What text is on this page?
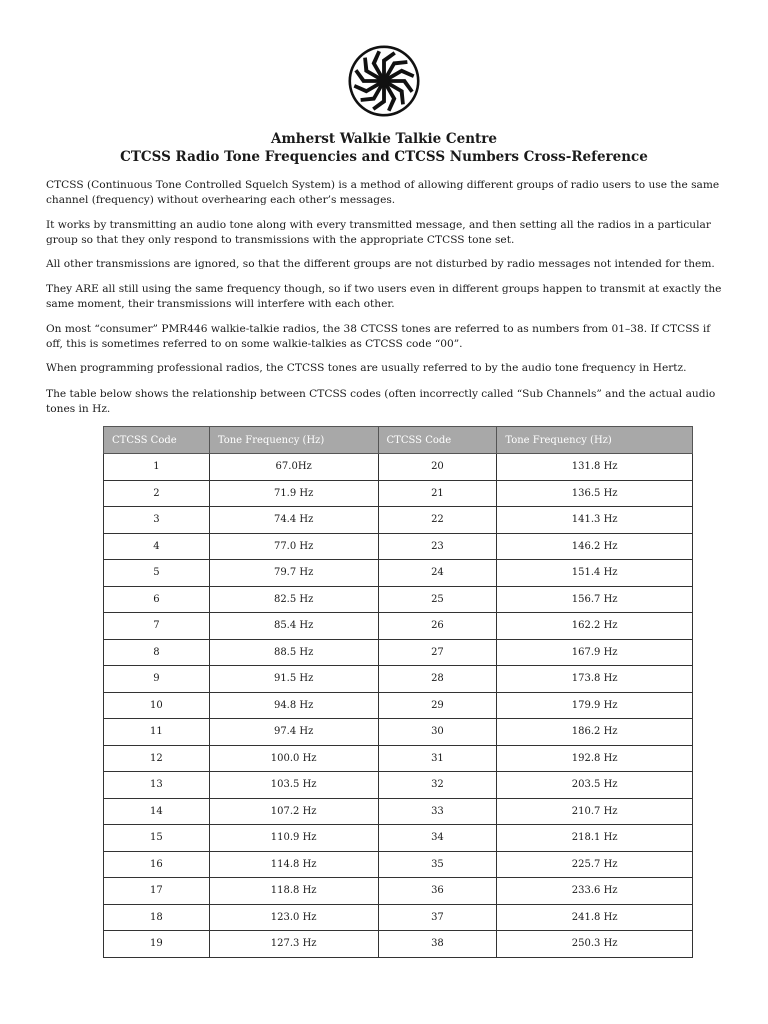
Amherst Walkie Talkie Centre
CTCSS Radio Tone Frequencies and CTCSS Numbers Cross-Reference

CTCSS (Continuous Tone Controlled Squelch System) is a method of allowing different groups of radio users to use the same channel (frequency) without overhearing each other’s messages.

It works by transmitting an audio tone along with every transmitted message, and then setting all the radios in a particular group so that they only respond to transmissions with the appropriate CTCSS tone set.

All other transmissions are ignored, so that the different groups are not disturbed by radio messages not intended for them.

They ARE all still using the same frequency though, so if two users even in different groups happen to transmit at exactly the same moment, their transmissions will interfere with each other.

On most “consumer” PMR446 walkie-talkie radios, the 38 CTCSS tones are referred to as numbers from 01–38. If CTCSS if off, this is sometimes referred to on some walkie-talkies as CTCSS code “00”.

When programming professional radios, the CTCSS tones are usually referred to by the audio tone frequency in Hertz.

The table below shows the relationship between CTCSS codes (often incorrectly called “Sub Channels” and the actual audio tones in Hz.

CTCSS Code	Tone Frequency (Hz)	CTCSS Code	Tone Frequency (Hz)
1	67.0Hz	20	131.8 Hz
2	71.9 Hz	21	136.5 Hz
3	74.4 Hz	22	141.3 Hz
4	77.0 Hz	23	146.2 Hz
5	79.7 Hz	24	151.4 Hz
6	82.5 Hz	25	156.7 Hz
7	85.4 Hz	26	162.2 Hz
8	88.5 Hz	27	167.9 Hz
9	91.5 Hz	28	173.8 Hz
10	94.8 Hz	29	179.9 Hz
11	97.4 Hz	30	186.2 Hz
12	100.0 Hz	31	192.8 Hz
13	103.5 Hz	32	203.5 Hz
14	107.2 Hz	33	210.7 Hz
15	110.9 Hz	34	218.1 Hz
16	114.8 Hz	35	225.7 Hz
17	118.8 Hz	36	233.6 Hz
18	123.0 Hz	37	241.8 Hz
19	127.3 Hz	38	250.3 Hz
